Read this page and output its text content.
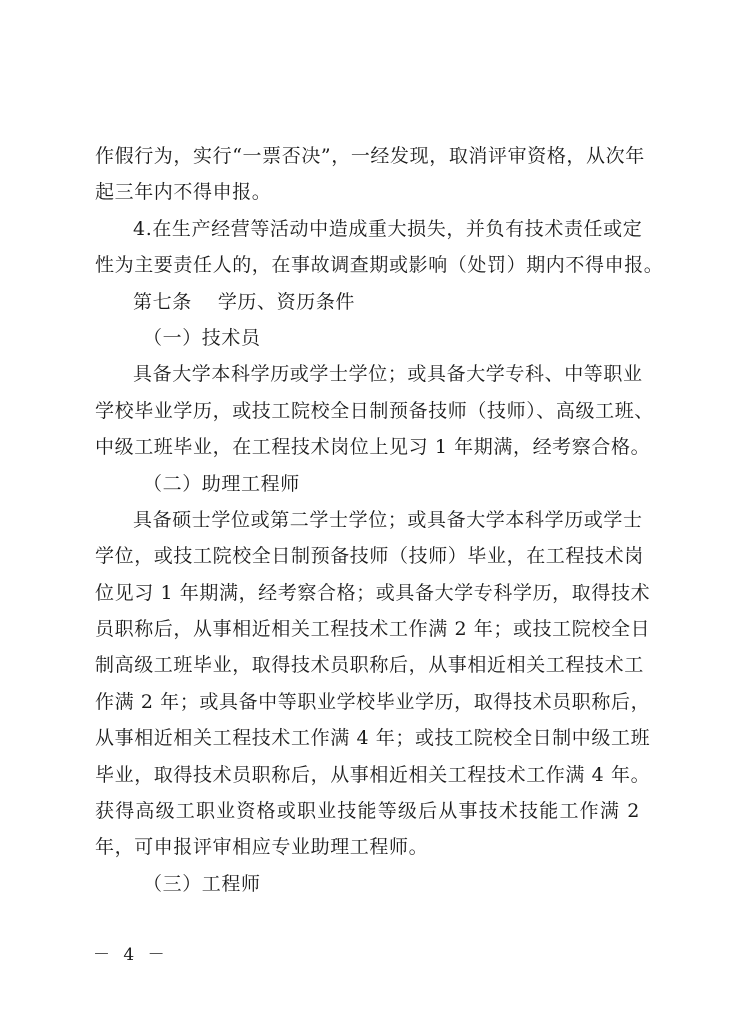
作假行为，实行“一票否决”，一经发现，取消评审资格，从次年
起三年内不得申报。
4.在生产经营等活动中造成重大损失，并负有技术责任或定
性为主要责任人的，在事故调查期或影响（处罚）期内不得申报。
第七条 学历、资历条件
（一）技术员
具备大学本科学历或学士学位；或具备大学专科、中等职业
学校毕业学历，或技工院校全日制预备技师（技师）、高级工班、
中级工班毕业，在工程技术岗位上见习 1 年期满，经考察合格。
（二）助理工程师
具备硕士学位或第二学士学位；或具备大学本科学历或学士
学位，或技工院校全日制预备技师（技师）毕业，在工程技术岗
位见习 1 年期满，经考察合格；或具备大学专科学历，取得技术
员职称后，从事相近相关工程技术工作满 2 年；或技工院校全日
制高级工班毕业，取得技术员职称后，从事相近相关工程技术工
作满 2 年；或具备中等职业学校毕业学历，取得技术员职称后，
从事相近相关工程技术工作满 4 年；或技工院校全日制中级工班
毕业，取得技术员职称后，从事相近相关工程技术工作满 4 年。
获得高级工职业资格或职业技能等级后从事技术技能工作满 2
年，可申报评审相应专业助理工程师。
（三）工程师
－ 4 －
